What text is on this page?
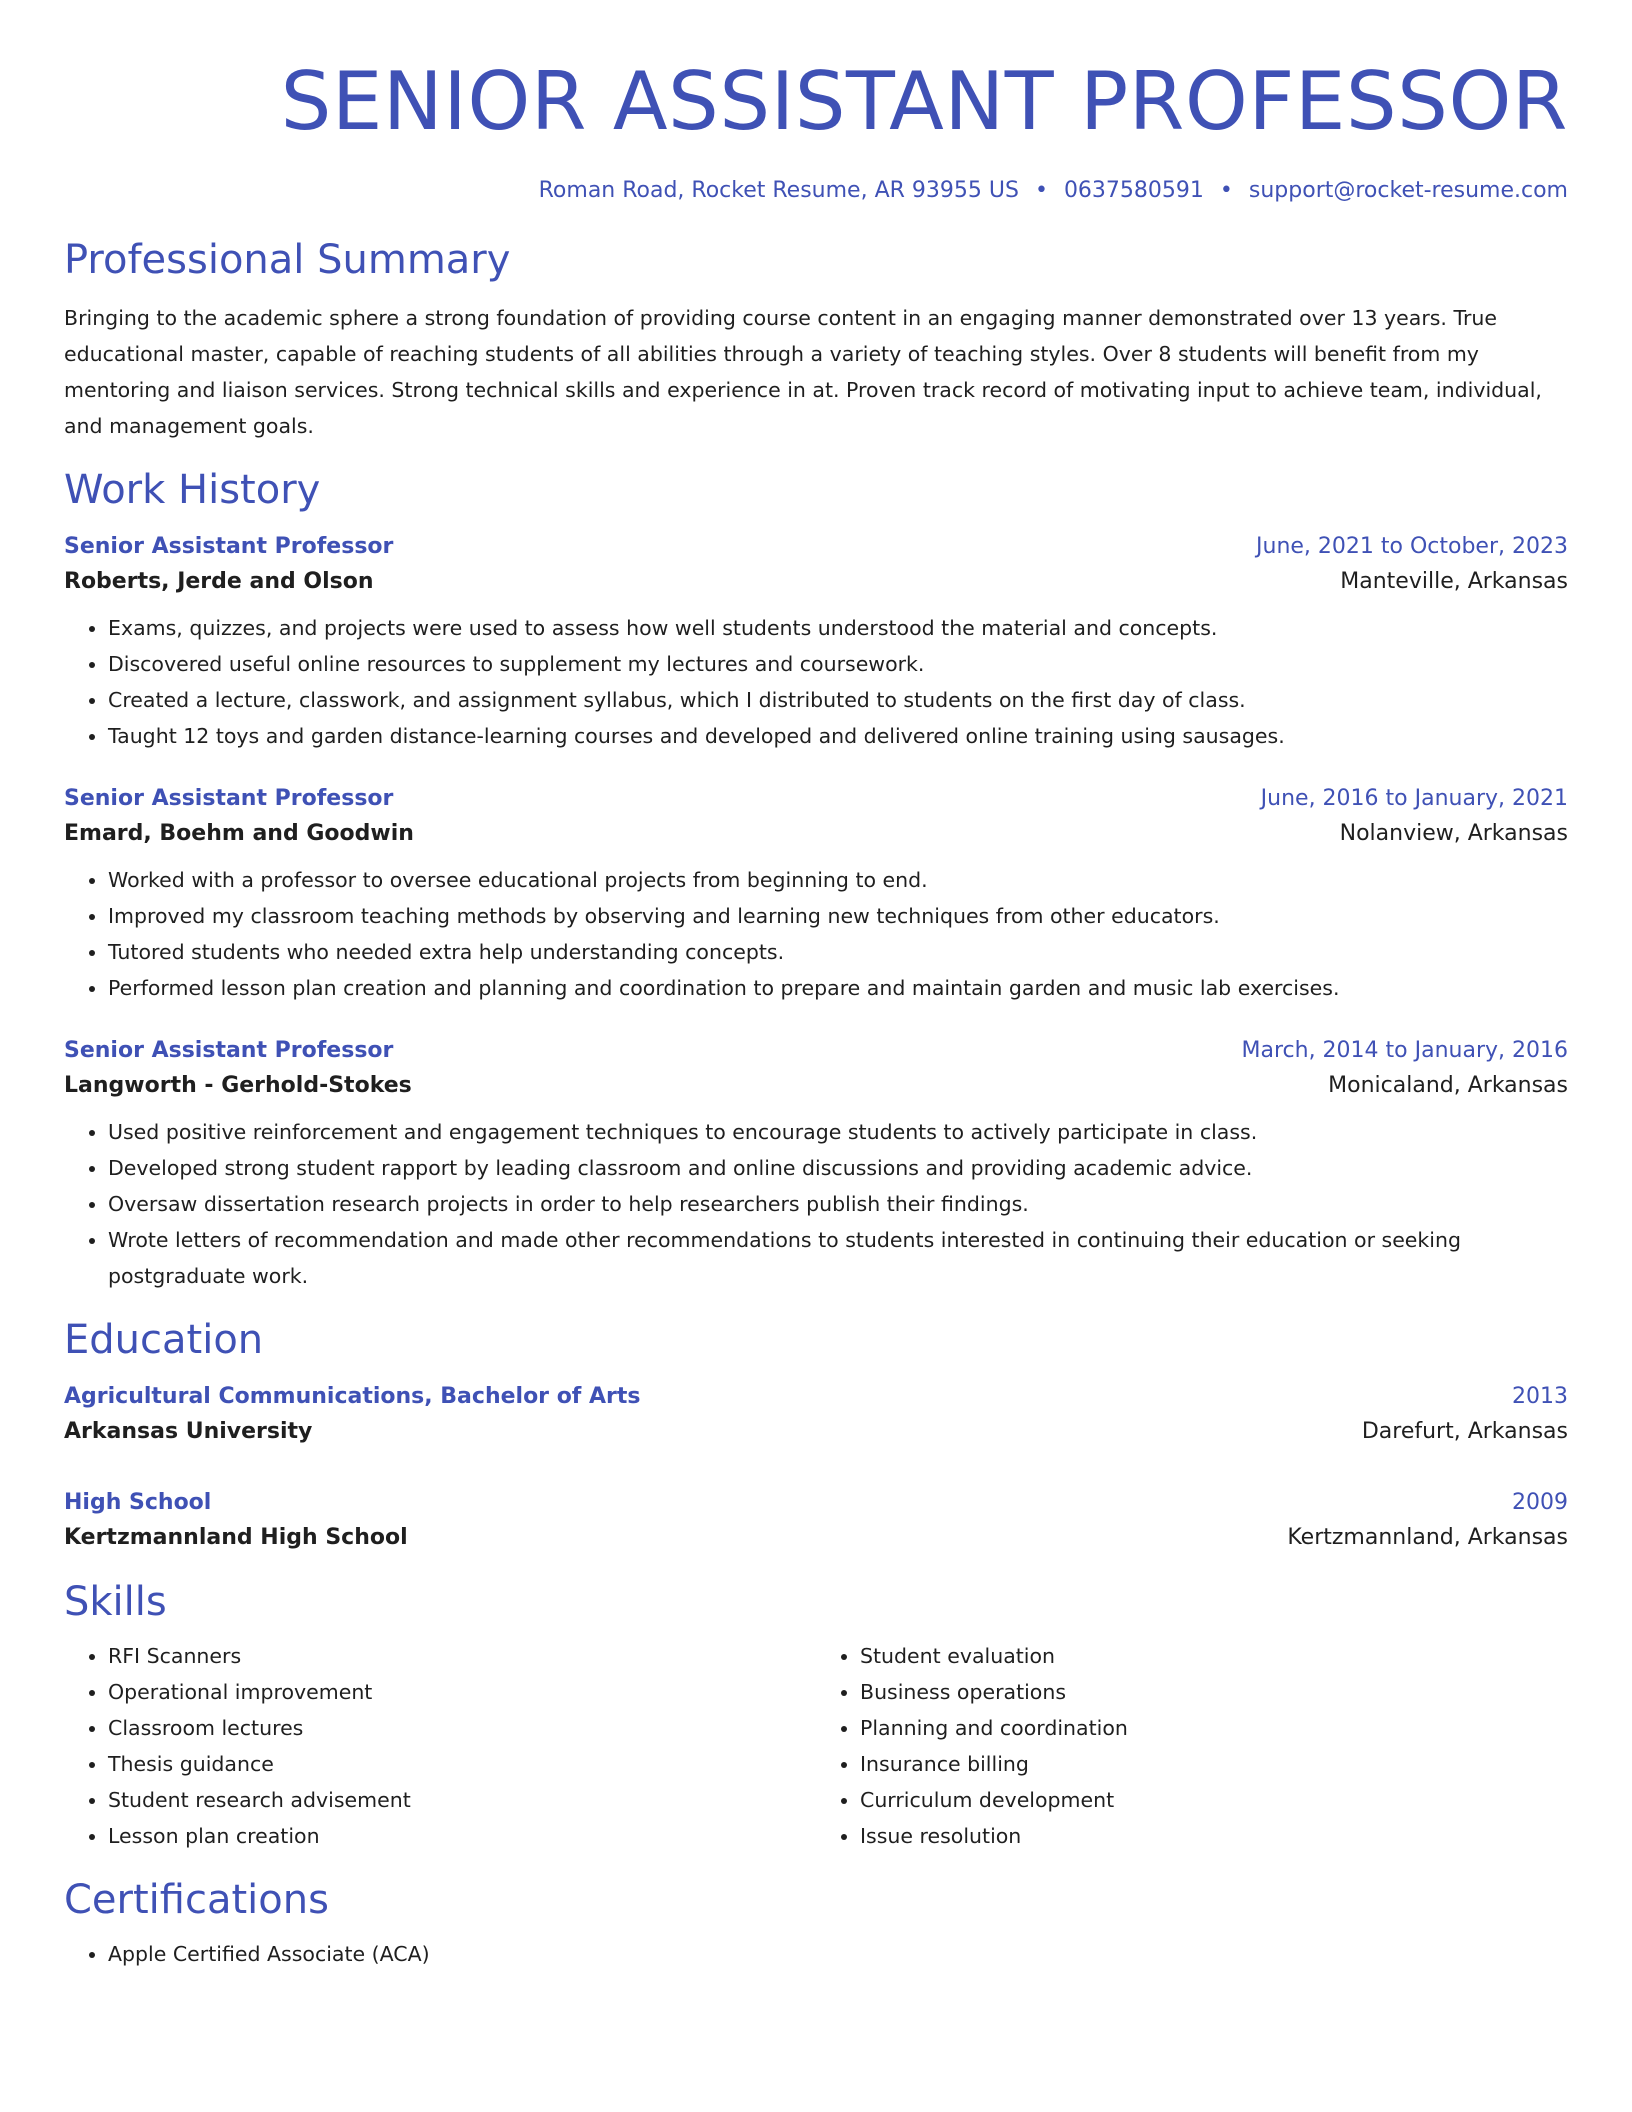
SENIOR ASSISTANT PROFESSOR
Roman Road, Rocket Resume, AR 93955 US • 0637580591 • support@rocket-resume.com
Professional Summary

Bringing to the academic sphere a strong foundation of providing course content in an engaging manner demonstrated over 13 years. True educational master, capable of reaching students of all abilities through a variety of teaching styles. Over 8 students will benefit from my mentoring and liaison services. Strong technical skills and experience in at. Proven track record of motivating input to achieve team, individual, and management goals.

Work History
Senior Assistant Professor	June, 2021 to October, 2023
Roberts, Jerde and Olson	Manteville, Arkansas
• Exams, quizzes, and projects were used to assess how well students understood the material and concepts.
• Discovered useful online resources to supplement my lectures and coursework.
• Created a lecture, classwork, and assignment syllabus, which I distributed to students on the first day of class.
• Taught 12 toys and garden distance-learning courses and developed and delivered online training using sausages.
Senior Assistant Professor	June, 2016 to January, 2021
Emard, Boehm and Goodwin	Nolanview, Arkansas
• Worked with a professor to oversee educational projects from beginning to end.
• Improved my classroom teaching methods by observing and learning new techniques from other educators.
• Tutored students who needed extra help understanding concepts.
• Performed lesson plan creation and planning and coordination to prepare and maintain garden and music lab exercises.
Senior Assistant Professor	March, 2014 to January, 2016
Langworth - Gerhold-Stokes	Monicaland, Arkansas
• Used positive reinforcement and engagement techniques to encourage students to actively participate in class.
• Developed strong student rapport by leading classroom and online discussions and providing academic advice.
• Oversaw dissertation research projects in order to help researchers publish their findings.
• Wrote letters of recommendation and made other recommendations to students interested in continuing their education or seeking postgraduate work.
Education
Agricultural Communications, Bachelor of Arts	2013
Arkansas University	Darefurt, Arkansas
High School	2009
Kertzmannland High School	Kertzmannland, Arkansas
Skills
• RFI Scanners
• Operational improvement
• Classroom lectures
• Thesis guidance
• Student research advisement
• Lesson plan creation
• Student evaluation
• Business operations
• Planning and coordination
• Insurance billing
• Curriculum development
• Issue resolution
Certifications
• Apple Certified Associate (ACA)
